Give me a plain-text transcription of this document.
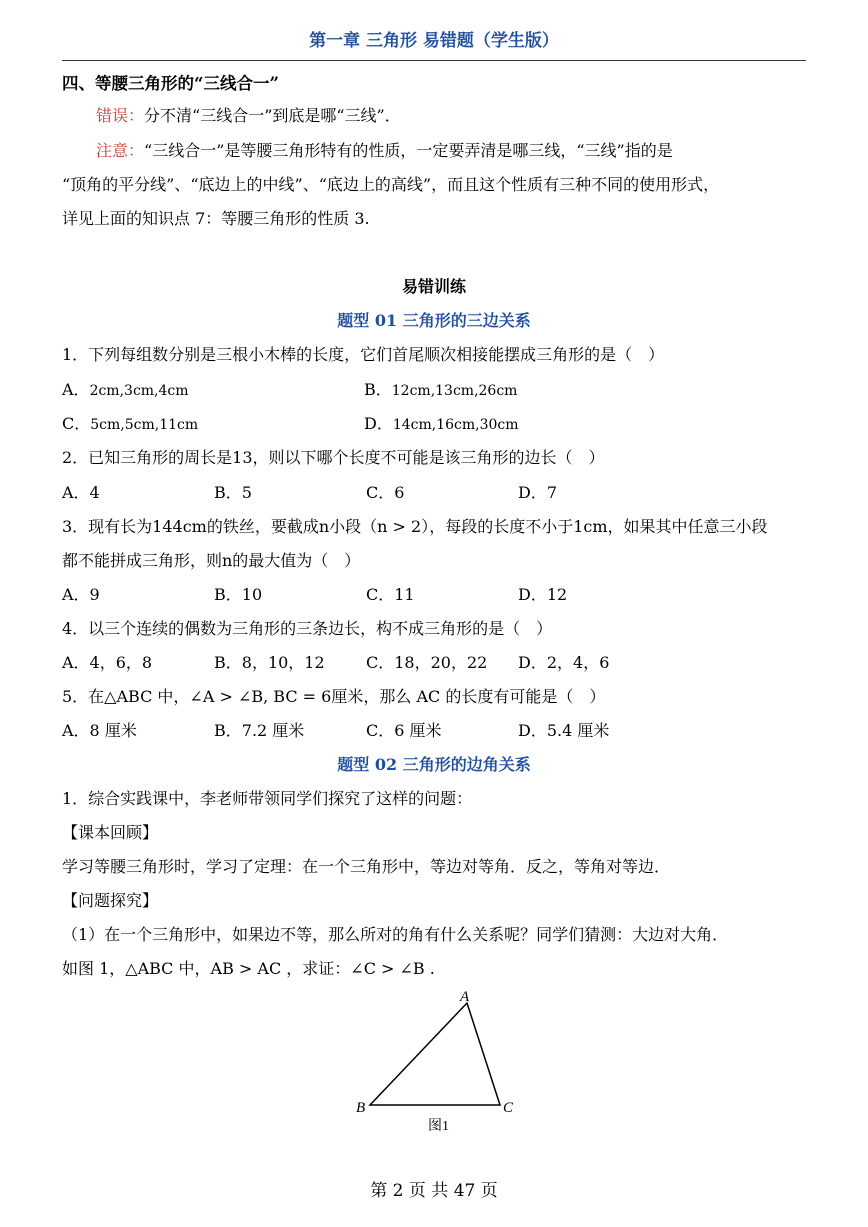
第一章 三角形 易错题（学生版）
四、等腰三角形的“三线合一”
错误：分不清“三线合一”到底是哪“三线”．
注意：“三线合一”是等腰三角形特有的性质，一定要弄清是哪三线，“三线”指的是
“顶角的平分线”、“底边上的中线”、“底边上的高线”，而且这个性质有三种不同的使用形式，
详见上面的知识点 7：等腰三角形的性质 3.
易错训练
题型 01 三角形的三边关系
1．下列每组数分别是三根小木棒的长度，它们首尾顺次相接能摆成三角形的是（　）
A．2cm,3cm,4cm	B．12cm,13cm,26cm
C．5cm,5cm,11cm	D．14cm,16cm,30cm
2．已知三角形的周长是13，则以下哪个长度不可能是该三角形的边长（　）
A．4	B．5	C．6	D．7
3．现有长为144cm的铁丝，要截成n小段（n > 2），每段的长度不小于1cm，如果其中任意三小段
都不能拼成三角形，则n的最大值为（　）
A．9	B．10	C．11	D．12
4．以三个连续的偶数为三角形的三条边长，构不成三角形的是（　）
A．4，6，8	B．8，10，12	C．18，20，22 D．2，4，6
5．在△ABC 中，∠A > ∠B, BC = 6厘米，那么 AC 的长度有可能是（　）
A．8 厘米	B．7.2 厘米	C．6 厘米	D．5.4 厘米
题型 02 三角形的边角关系
1．综合实践课中，李老师带领同学们探究了这样的问题：
【课本回顾】
学习等腰三角形时，学习了定理：在一个三角形中，等边对等角．反之，等角对等边．
【问题探究】
（1）在一个三角形中，如果边不等，那么所对的角有什么关系呢？同学们猜测：大边对大角．
如图 1，△ABC 中，AB > AC ，求证：∠C > ∠B .
A
B	C
图1
第 2 页 共 47 页
